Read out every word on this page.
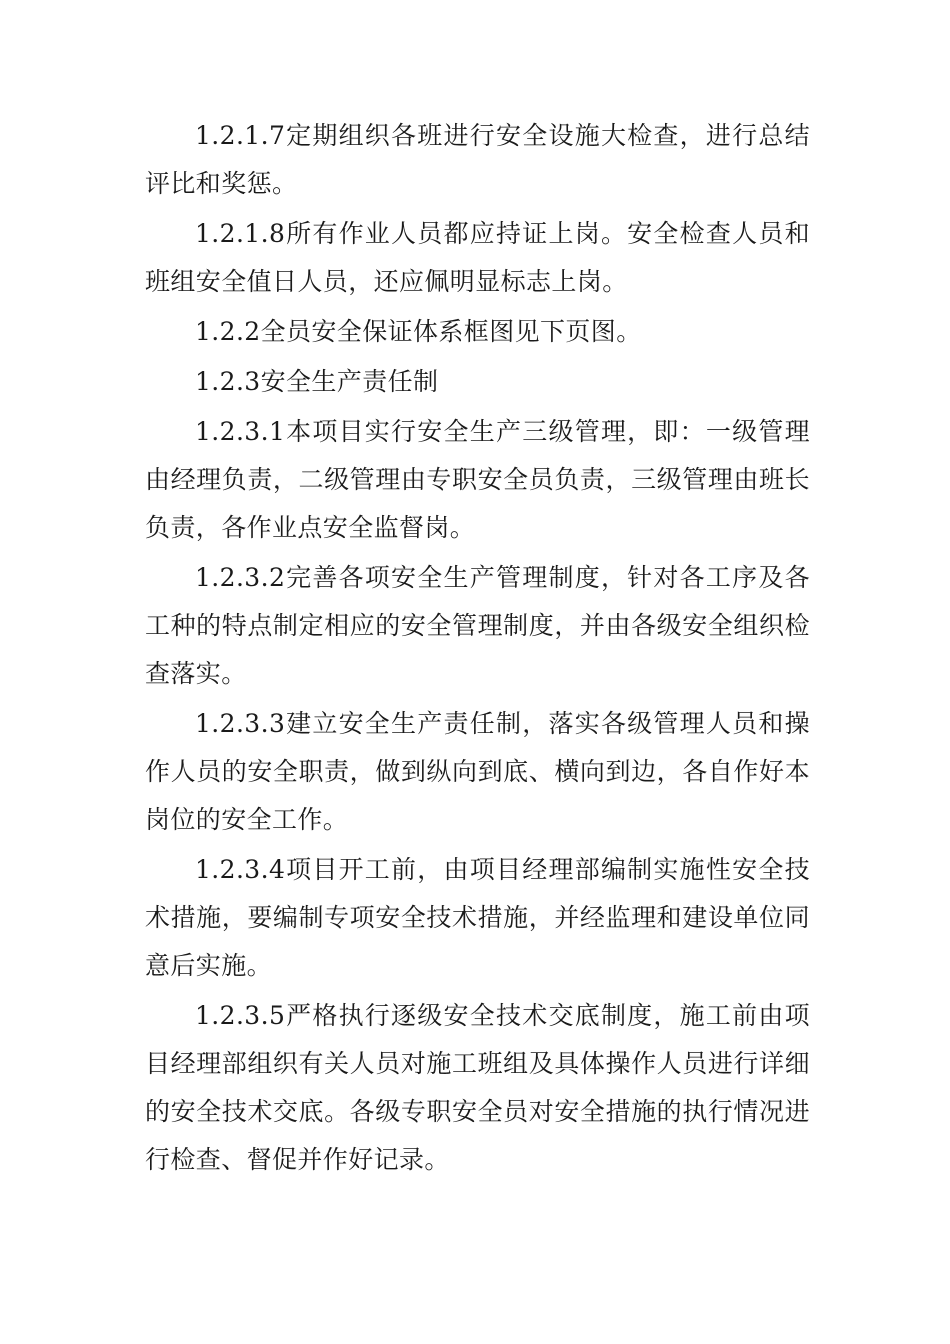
1.2.1.7定期组织各班进行安全设施大检查，进行总结评比和奖惩。

1.2.1.8所有作业人员都应持证上岗。安全检查人员和班组安全值日人员，还应佩明显标志上岗。

1.2.2全员安全保证体系框图见下页图。

1.2.3安全生产责任制

1.2.3.1本项目实行安全生产三级管理，即：一级管理由经理负责，二级管理由专职安全员负责，三级管理由班长负责，各作业点安全监督岗。

1.2.3.2完善各项安全生产管理制度，针对各工序及各工种的特点制定相应的安全管理制度，并由各级安全组织检查落实。

1.2.3.3建立安全生产责任制，落实各级管理人员和操作人员的安全职责，做到纵向到底、横向到边，各自作好本岗位的安全工作。

1.2.3.4项目开工前，由项目经理部编制实施性安全技术措施，要编制专项安全技术措施，并经监理和建设单位同意后实施。

1.2.3.5严格执行逐级安全技术交底制度，施工前由项目经理部组织有关人员对施工班组及具体操作人员进行详细的安全技术交底。各级专职安全员对安全措施的执行情况进行检查、督促并作好记录。
